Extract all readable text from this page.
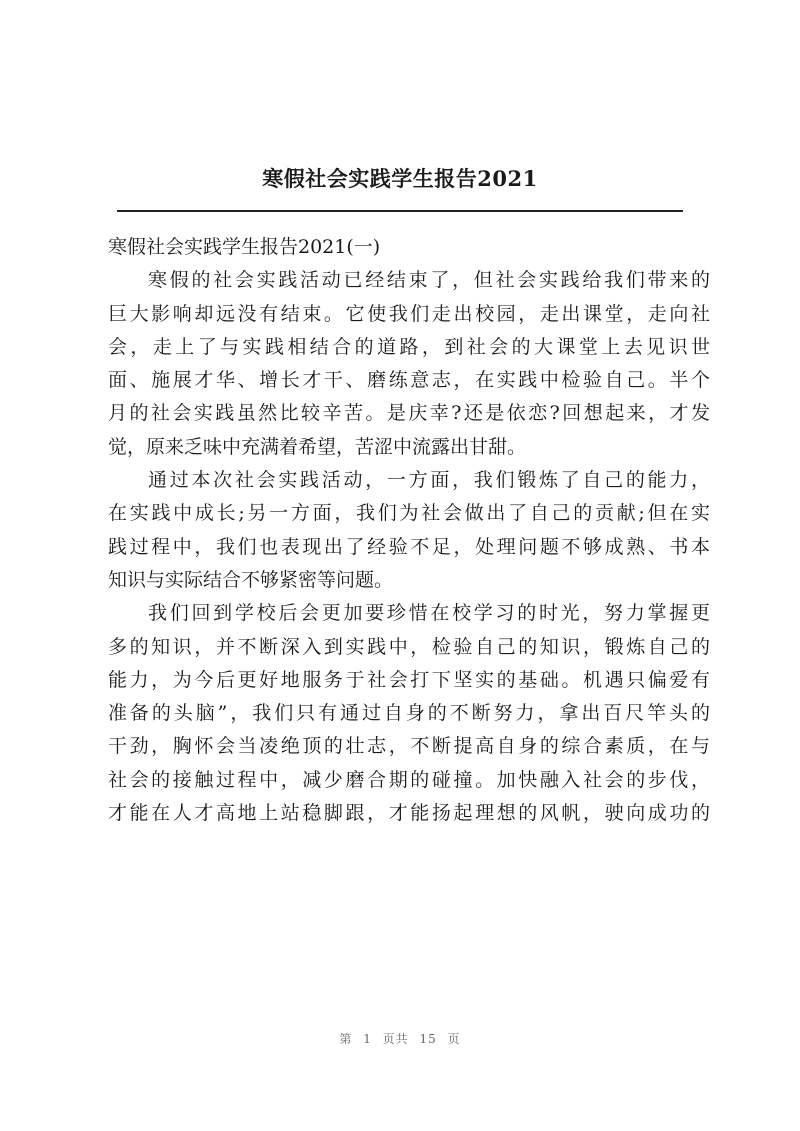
寒假社会实践学生报告2021

寒假社会实践学生报告2021(一)

寒假的社会实践活动已经结束了，但社会实践给我们带来的
巨大影响却远没有结束。它使我们走出校园，走出课堂，走向社
会，走上了与实践相结合的道路，到社会的大课堂上去见识世
面、施展才华、增长才干、磨练意志，在实践中检验自己。半个
月的社会实践虽然比较辛苦。是庆幸?还是依恋?回想起来，才发
觉，原来乏味中充满着希望，苦涩中流露出甘甜。

通过本次社会实践活动，一方面，我们锻炼了自己的能力，
在实践中成长;另一方面，我们为社会做出了自己的贡献;但在实
践过程中，我们也表现出了经验不足，处理问题不够成熟、书本
知识与实际结合不够紧密等问题。

我们回到学校后会更加要珍惜在校学习的时光，努力掌握更
多的知识，并不断深入到实践中，检验自己的知识，锻炼自己的
能力，为今后更好地服务于社会打下坚实的基础。机遇只偏爱有
准备的头脑”，我们只有通过自身的不断努力，拿出百尺竿头的
干劲，胸怀会当凌绝顶的壮志，不断提高自身的综合素质，在与
社会的接触过程中，减少磨合期的碰撞。加快融入社会的步伐，
才能在人才高地上站稳脚跟，才能扬起理想的风帆，驶向成功的

第 1 页共 15 页
